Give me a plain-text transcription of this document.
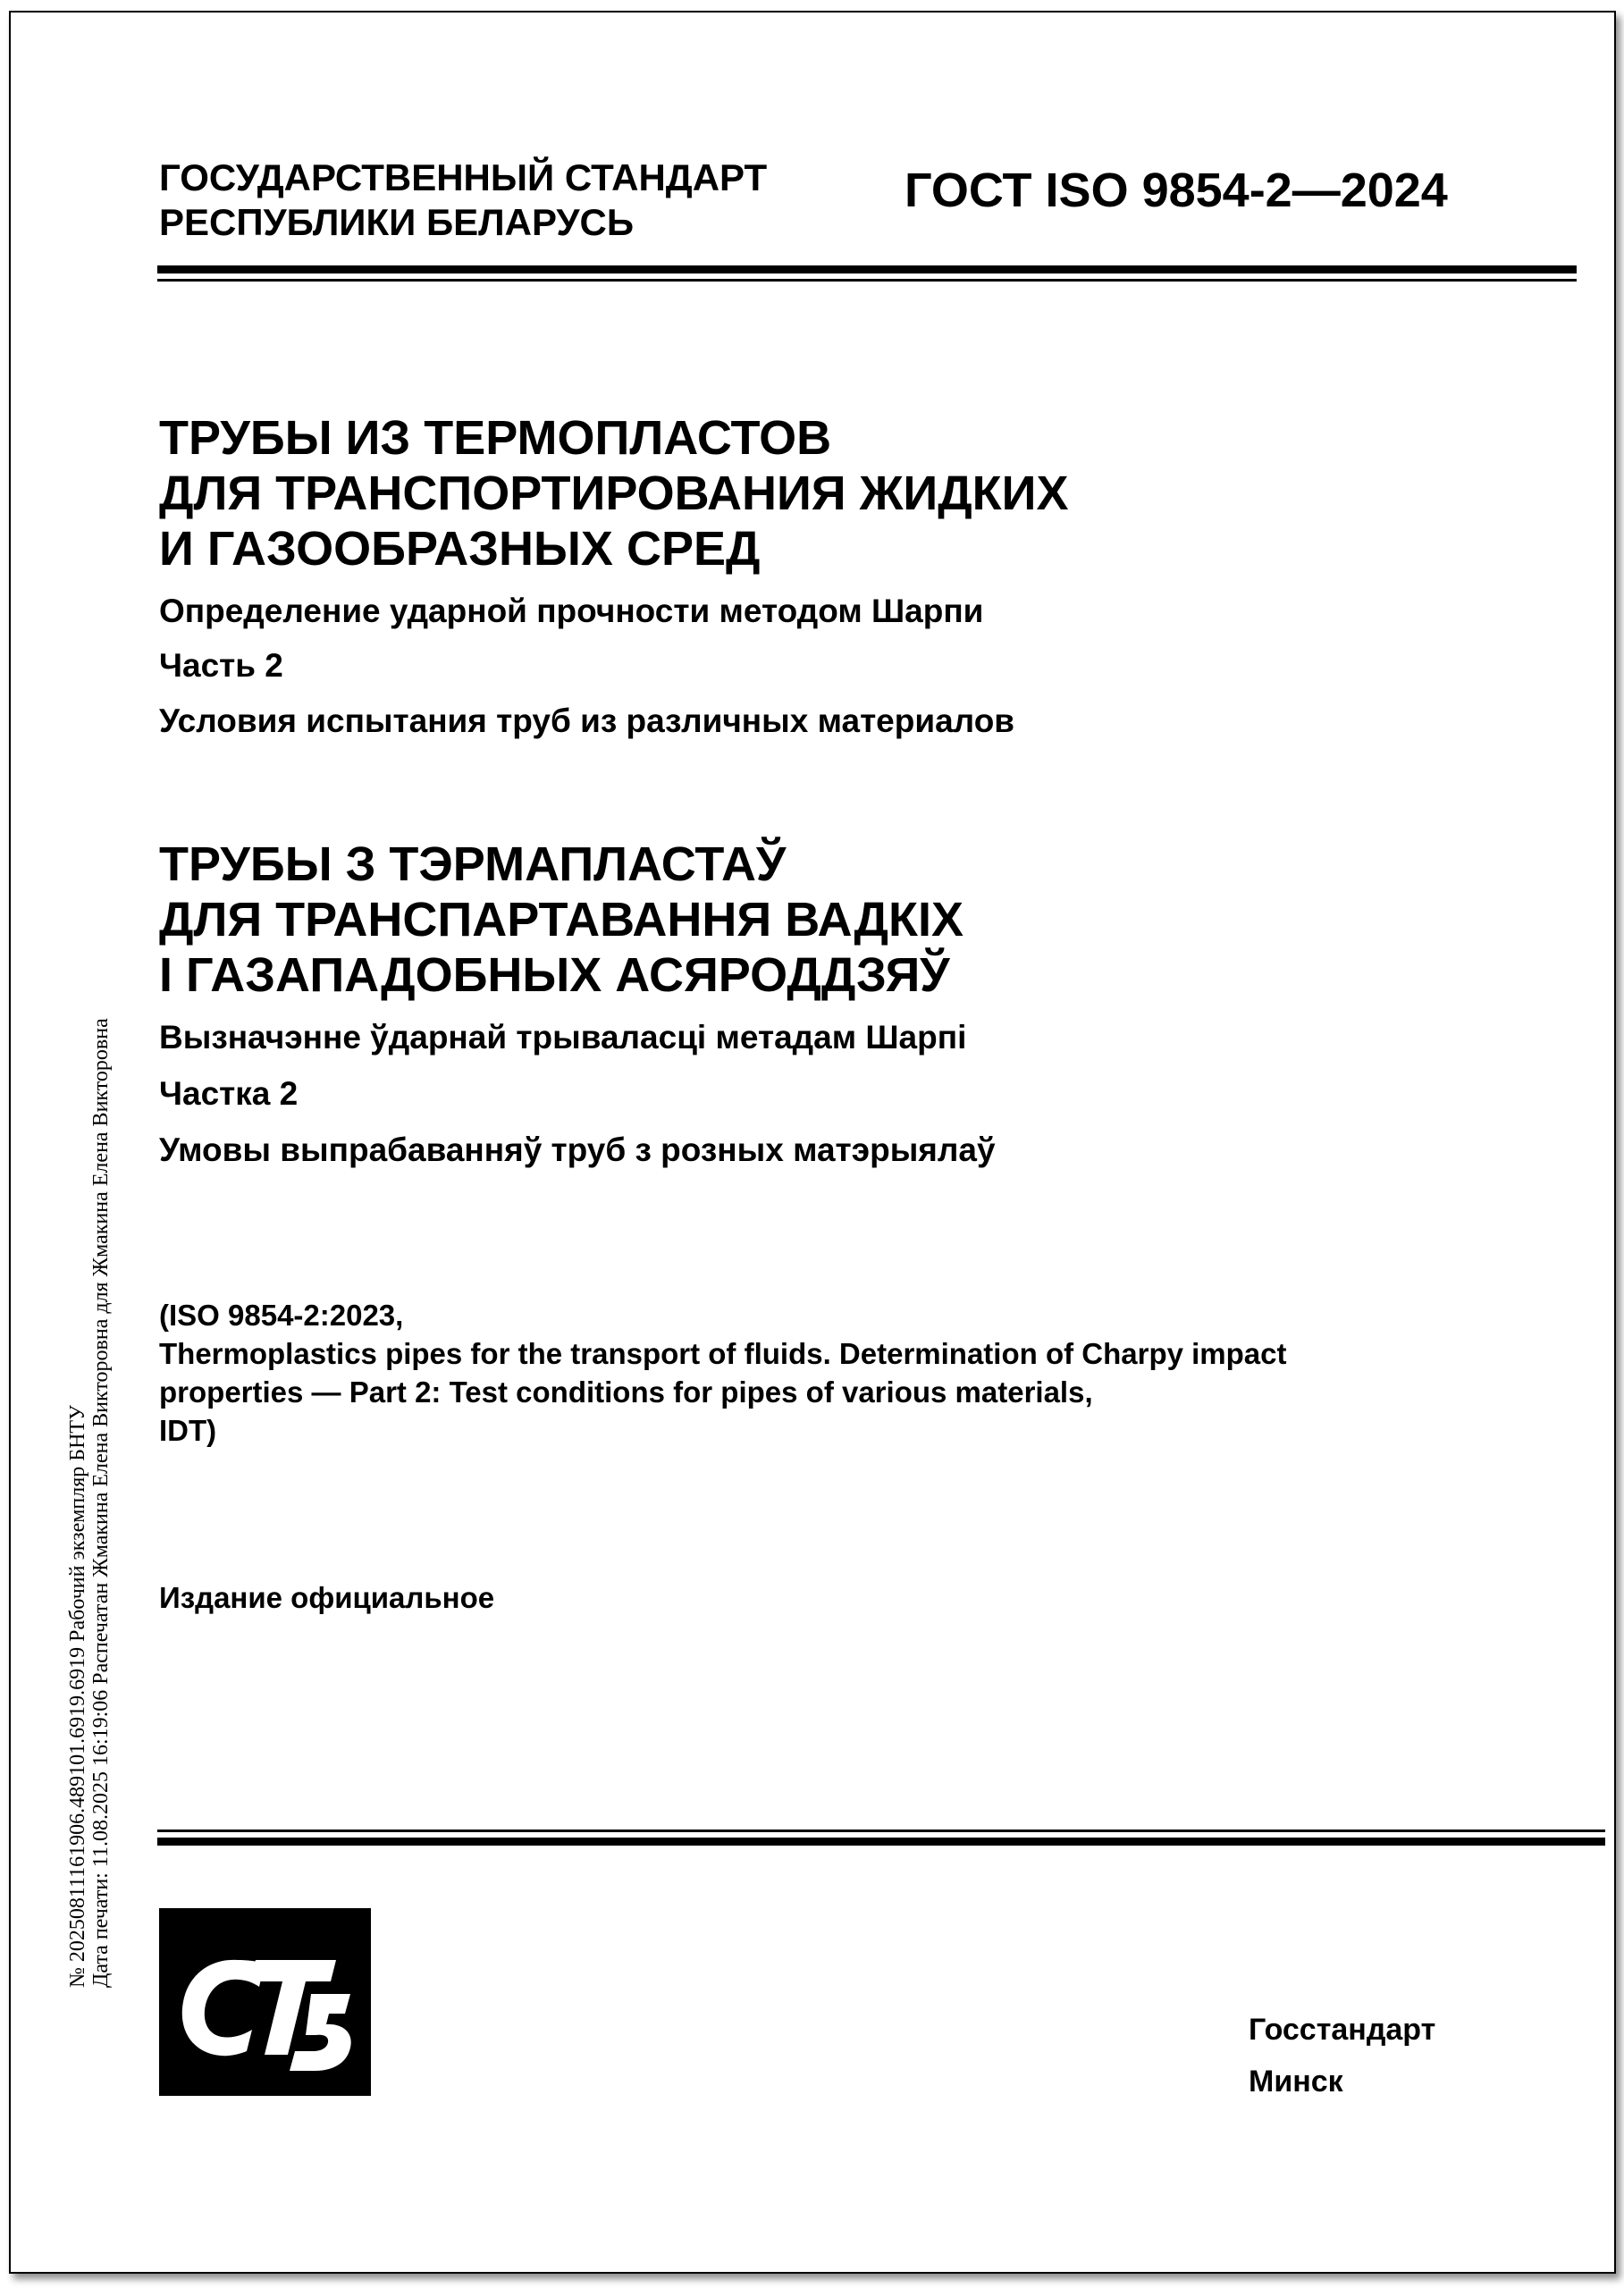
ГОСУДАРСТВЕННЫЙ СТАНДАРТ

РЕСПУБЛИКИ БЕЛАРУСЬ

ГОСТ ISO 9854-2—2024

№ 20250811161906.489101.6919.6919 Рабочий экземпляр БНТУ Дата печати: 11.08.2025 16:19:06 Распечатан Жмакина Елена Викторовна для Жмакина Елена Викторовна

ТРУБЫ ИЗ ТЕРМОПЛАСТОВ

ДЛЯ ТРАНСПОРТИРОВАНИЯ ЖИДКИХ

И ГАЗООБРАЗНЫХ СРЕД

Определение ударной прочности методом Шарпи

Часть 2

Условия испытания труб из различных материалов

ТРУБЫ З ТЭРМАПЛАСТАЎ

ДЛЯ ТРАНСПАРТАВАННЯ ВАДКІХ

І ГАЗАПАДОБНЫХ АСЯРОДДЗЯЎ

Вызначэнне ўдарнай трываласці метадам Шарпі

Частка 2

Умовы выпрабаванняў труб з розных матэрыялаў

(ISO 9854-2:2023,

Thermoplastics pipes for the transport of fluids. Determination of Charpy impact

properties — Part 2: Test conditions for pipes of various materials,

IDT)

Издание официальное

Госстандарт

Минск
